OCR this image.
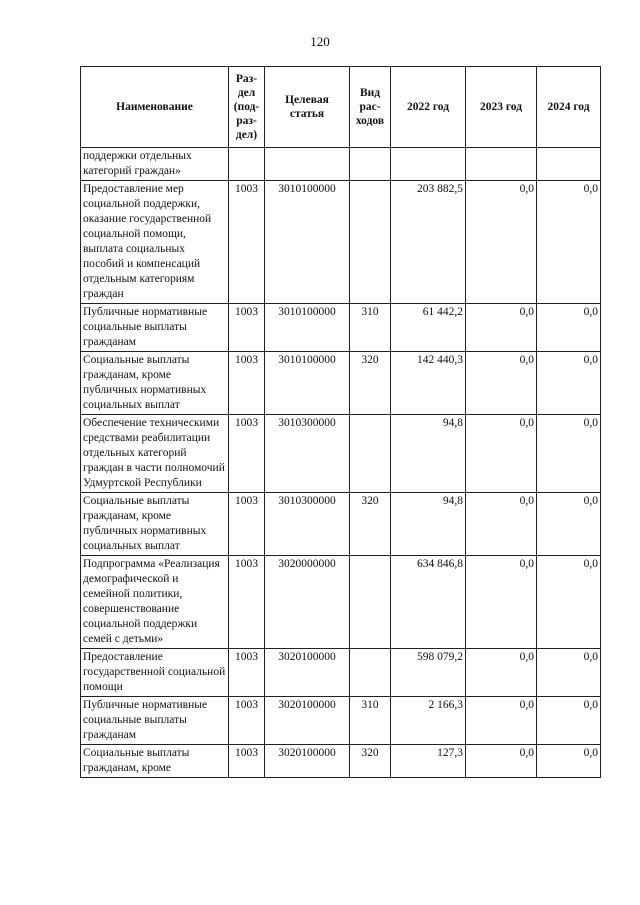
120
Наименование	Раз-дел (под-раз-дел)	Целевая статья	Вид рас-ходов	2022 год	2023 год	2024 год
поддержки отдельных категорий граждан»						
Предоставление мер социальной поддержки, оказание государственной социальной помощи, выплата социальных пособий и компенсаций отдельным категориям граждан	1003	3010100000		203 882,5	0,0	0,0
Публичные нормативные социальные выплаты гражданам	1003	3010100000	310	61 442,2	0,0	0,0
Социальные выплаты гражданам, кроме публичных нормативных социальных выплат	1003	3010100000	320	142 440,3	0,0	0,0
Обеспечение техническими средствами реабилитации отдельных категорий граждан в части полномочий Удмуртской Республики	1003	3010300000		94,8	0,0	0,0
Социальные выплаты гражданам, кроме публичных нормативных социальных выплат	1003	3010300000	320	94,8	0,0	0,0
Подпрограмма «Реализация демографической и семейной политики, совершенствование социальной поддержки семей с детьми»	1003	3020000000		634 846,8	0,0	0,0
Предоставление государственной социальной помощи	1003	3020100000		598 079,2	0,0	0,0
Публичные нормативные социальные выплаты гражданам	1003	3020100000	310	2 166,3	0,0	0,0
Социальные выплаты гражданам, кроме	1003	3020100000	320	127,3	0,0	0,0
